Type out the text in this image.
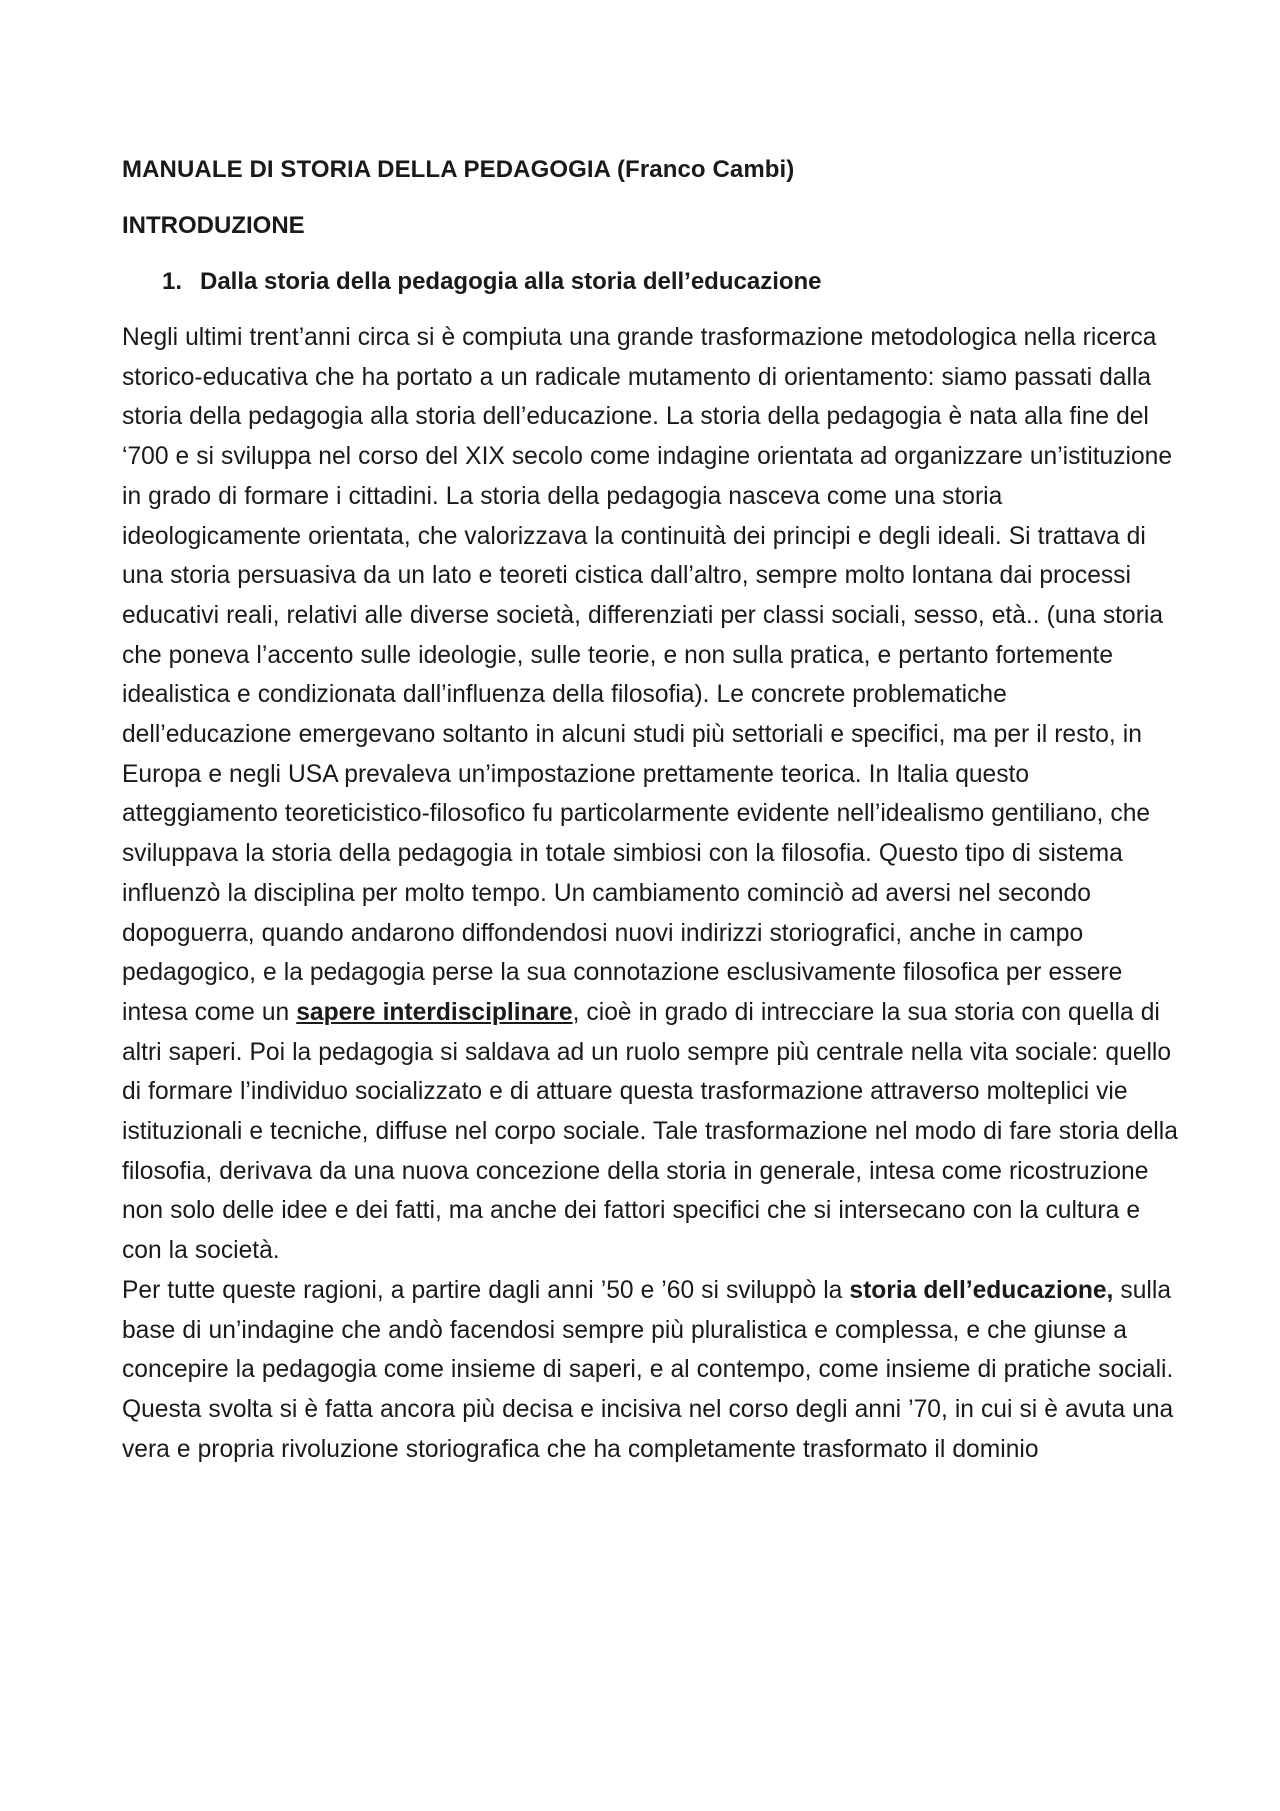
MANUALE DI STORIA DELLA PEDAGOGIA (Franco Cambi)
INTRODUZIONE
1. Dalla storia della pedagogia alla storia dell’educazione

Negli ultimi trent’anni circa si è compiuta una grande trasformazione metodologica nella ricerca storico-educativa che ha portato a un radicale mutamento di orientamento: siamo passati dalla storia della pedagogia alla storia dell’educazione. La storia della pedagogia è nata alla fine del ‘700 e si sviluppa nel corso del XIX secolo come indagine orientata ad organizzare un’istituzione in grado di formare i cittadini. La storia della pedagogia nasceva come una storia ideologicamente orientata, che valorizzava la continuità dei principi e degli ideali. Si trattava di una storia persuasiva da un lato e teoreti cistica dall’altro, sempre molto lontana dai processi educativi reali, relativi alle diverse società, differenziati per classi sociali, sesso, età.. (una storia che poneva l’accento sulle ideologie, sulle teorie, e non sulla pratica, e pertanto fortemente idealistica e condizionata dall’influenza della filosofia). Le concrete problematiche dell’educazione emergevano soltanto in alcuni studi più settoriali e specifici, ma per il resto, in Europa e negli USA prevaleva un’impostazione prettamente teorica. In Italia questo atteggiamento teoreticistico-filosofico fu particolarmente evidente nell’idealismo gentiliano, che sviluppava la storia della pedagogia in totale simbiosi con la filosofia. Questo tipo di sistema influenzò la disciplina per molto tempo. Un cambiamento cominciò ad aversi nel secondo dopoguerra, quando andarono diffondendosi nuovi indirizzi storiografici, anche in campo pedagogico, e la pedagogia perse la sua connotazione esclusivamente filosofica per essere intesa come un sapere interdisciplinare, cioè in grado di intrecciare la sua storia con quella di altri saperi. Poi la pedagogia si saldava ad un ruolo sempre più centrale nella vita sociale: quello di formare l’individuo socializzato e di attuare questa trasformazione attraverso molteplici vie istituzionali e tecniche, diffuse nel corpo sociale. Tale trasformazione nel modo di fare storia della filosofia, derivava da una nuova concezione della storia in generale, intesa come ricostruzione non solo delle idee e dei fatti, ma anche dei fattori specifici che si intersecano con la cultura e con la società.

Per tutte queste ragioni, a partire dagli anni ’50 e ’60 si sviluppò la storia dell’educazione, sulla base di un’indagine che andò facendosi sempre più pluralistica e complessa, e che giunse a concepire la pedagogia come insieme di saperi, e al contempo, come insieme di pratiche sociali. Questa svolta si è fatta ancora più decisa e incisiva nel corso degli anni ’70, in cui si è avuta una vera e propria rivoluzione storiografica che ha completamente trasformato il dominio
